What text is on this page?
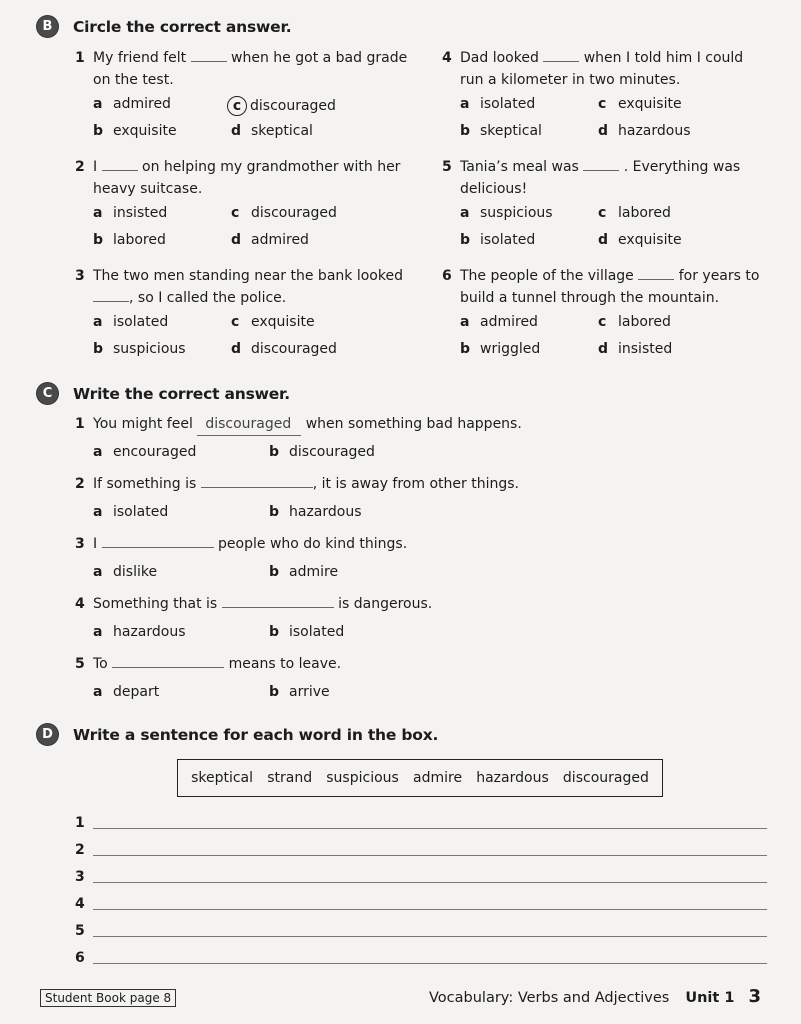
B	Circle the correct answer.
1 My friend felt	when he got a bad grade
on the test.
a admired
b exquisite
c discouraged
d skeptical
2 I	on helping my grandmother with her
heavy suitcase.
a insisted
b labored
c discouraged
d admired
3 The two men standing near the bank looked
, so I called the police.
a isolated
b suspicious
c exquisite
d discouraged
4 Dad looked	when I told him I could
run a kilometer in two minutes.
a isolated
b skeptical
c exquisite
d hazardous
5 Tania’s meal was	. Everything was
delicious!
a suspicious
b isolated
c labored
d exquisite
6 The people of the village	for years to
build a tunnel through the mountain.
a admired
b wriggled
c labored
d insisted
C	Write the correct answer.
1 You might feel discouraged when something bad happens.
a encouraged	b discouraged
2 If something is	, it is away from other things.
a isolated	b hazardous
3 I	people who do kind things.
a dislike	b admire
4 Something that is	is dangerous.
a hazardous	b isolated
5 To	means to leave.
a depart	b arrive
D	Write a sentence for each word in the box.
skeptical strand suspicious admire hazardous discouraged
1
2
3
4
5
6
Student Book page 8	Vocabulary: Verbs and Adjectives Unit 1 3
